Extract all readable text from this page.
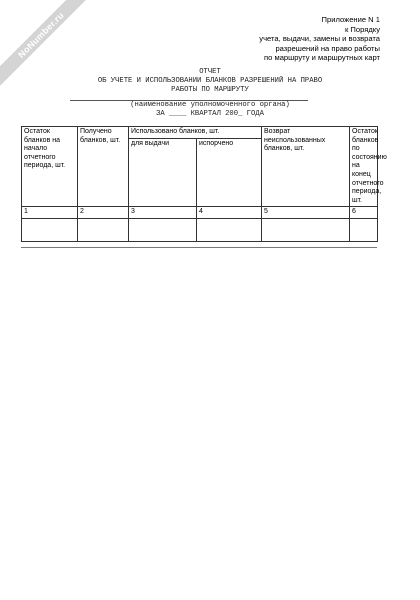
NoNumber.ru	Приложение N 1
к Порядку
учета, выдачи, замены и возврата
разрешений на право работы
по маршруту и маршрутных карт
ОТЧЕТ
ОБ УЧЕТЕ И ИСПОЛЬЗОВАНИИ БЛАНКОВ РАЗРЕШЕНИЙ НА ПРАВО
РАБОТЫ ПО МАРШРУТУ
(наименование уполномоченного органа)
ЗА ____ КВАРТАЛ 200_ ГОДА
Остаток бланков на начало отчетного периода, шт.	Получено бланков, шт.	Использовано бланков, шт.		Возврат неиспользованных бланков, шт.	Остаток бланков по состоянию на конец отчетного периода, шт.
		для выдачи	испорчено		
1	2	3	4	5	6
